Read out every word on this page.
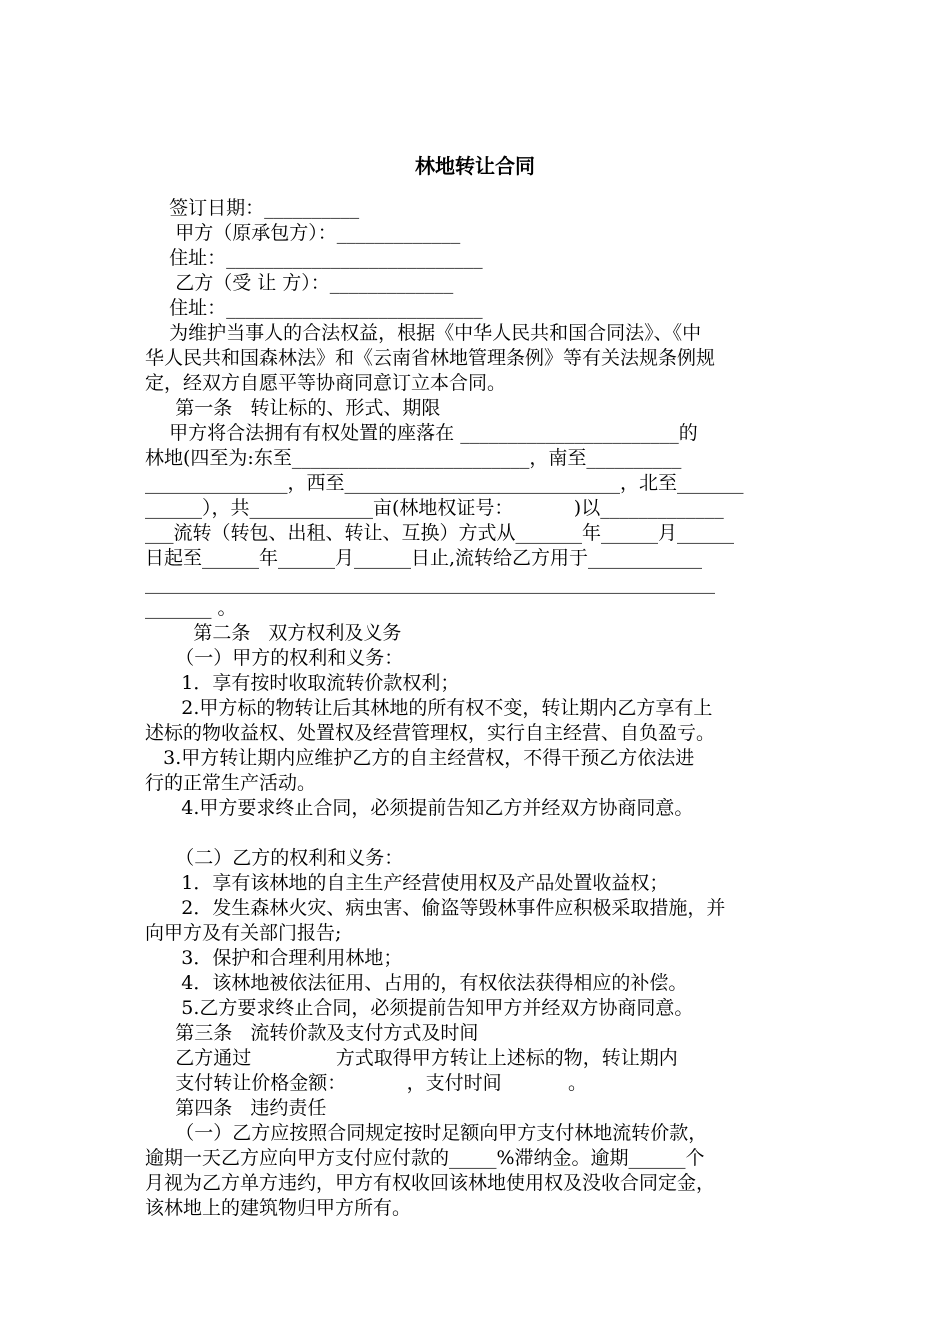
林地转让合同
签订日期：__________
甲方（原承包方）：_____________
住址：___________________________
乙方（受 让 方）：_____________
住址：___________________________
为维护当事人的合法权益，根据《中华人民共和国合同法》、《中
华人民共和国森林法》和《云南省林地管理条例》等有关法规条例规
定，经双方自愿平等协商同意订立本合同。
第一条   转让标的、形式、期限
甲方将合法拥有有权处置的座落在 _______________________的
林地(四至为:东至_________________________，南至__________
_______________，西至_____________________________，北至_______
______），共_____________亩(林地权证号：          )以_____________
___流转（转包、出租、转让、互换）方式从_______年______月______
日起至______年______月______日止,流转给乙方用于____________
____________________________________________________________
_______ 。
第二条   双方权利及义务
（一）甲方的权利和义务：
1．享有按时收取流转价款权利；
2.甲方标的物转让后其林地的所有权不变，转让期内乙方享有上
述标的物收益权、处置权及经营管理权，实行自主经营、自负盈亏。
3.甲方转让期内应维护乙方的自主经营权，不得干预乙方依法进
行的正常生产活动。
4.甲方要求终止合同，必须提前告知乙方并经双方协商同意。
（二）乙方的权利和义务：
1．享有该林地的自主生产经营使用权及产品处置收益权；
2．发生森林火灾、病虫害、偷盗等毁林事件应积极采取措施，并
向甲方及有关部门报告;
3．保护和合理利用林地；
4．该林地被依法征用、占用的，有权依法获得相应的补偿。
5.乙方要求终止合同，必须提前告知甲方并经双方协商同意。
第三条   流转价款及支付方式及时间
乙方通过              方式取得甲方转让上述标的物，转让期内
支付转让价格金额：          ，支付时间           。
第四条   违约责任
（一）乙方应按照合同规定按时足额向甲方支付林地流转价款，
逾期一天乙方应向甲方支付应付款的_____%滞纳金。逾期______个
月视为乙方单方违约，甲方有权收回该林地使用权及没收合同定金，
该林地上的建筑物归甲方所有。
